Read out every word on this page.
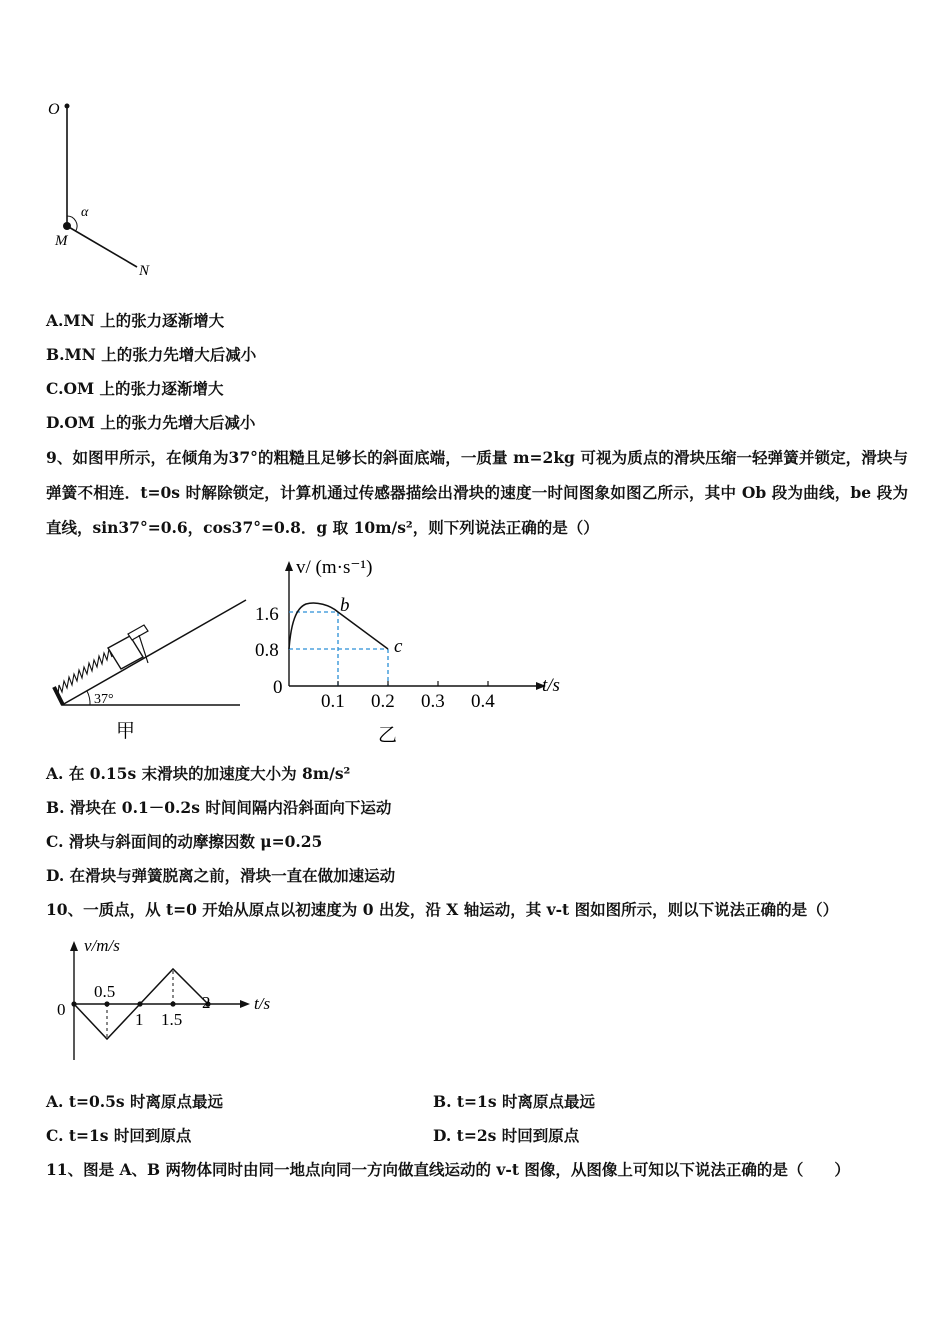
O
α
M
N
A.MN 上的张力逐渐增大
B.MN 上的张力先增大后减小
C.OM 上的张力逐渐增大
D.OM 上的张力先增大后减小
9、如图甲所示，在倾角为37°的粗糙且足够长的斜面底端，一质量 m=2kg 可视为质点的滑块压缩一轻弹簧并锁定，滑块与弹簧不相连．t=0s 时解除锁定，计算机通过传感器描绘出滑块的速度一时间图象如图乙所示，其中 Ob 段为曲线，be 段为直线，sin37°=0.6，cos37°=0.8．g 取 10m/s²，则下列说法正确的是（）
37°
甲
v/ (m·s⁻¹)
t/s
0
1.6
0.8
0.1 0.2 0.3 0.4
b
c
乙
A. 在 0.15s 末滑块的加速度大小为 8m/s²
B. 滑块在 0.1－0.2s 时间间隔内沿斜面向下运动
C. 滑块与斜面间的动摩擦因数 μ=0.25
D. 在滑块与弹簧脱离之前，滑块一直在做加速运动
10、一质点，从 t=0 开始从原点以初速度为 0 出发，沿 X 轴运动，其 v-t 图如图所示，则以下说法正确的是（）
v/m/s
t/s
0
0.5
1 1.5
2
A. t=0.5s 时离原点最远	B. t=1s 时离原点最远
C. t=1s 时回到原点	D. t=2s 时回到原点
11、图是 A、B 两物体同时由同一地点向同一方向做直线运动的 v-t 图像，从图像上可知以下说法正确的是（　　）
